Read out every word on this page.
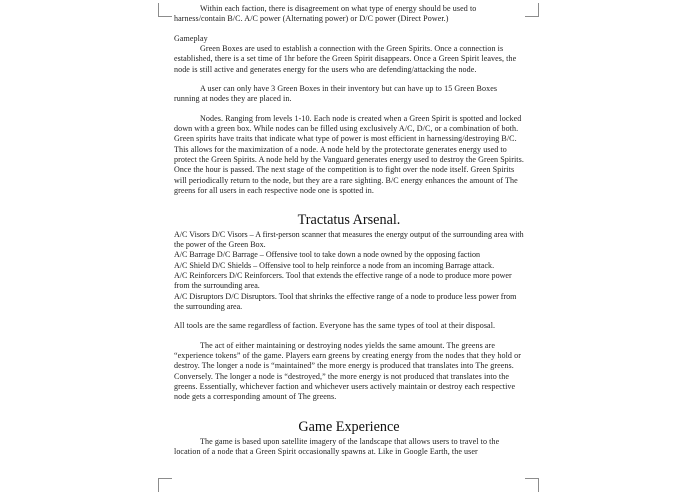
Within each faction, there is disagreement on what type of energy should be used to harness/contain B/C. A/C power (Alternating power) or D/C power (Direct Power.)

Gameplay

Green Boxes are used to establish a connection with the Green Spirits. Once a connection is established, there is a set time of 1hr before the Green Spirit disappears. Once a Green Spirit leaves, the node is still active and generates energy for the users who are defending/attacking the node.

A user can only have 3 Green Boxes in their inventory but can have up to 15 Green Boxes running at nodes they are placed in.

Nodes. Ranging from levels 1-10. Each node is created when a Green Spirit is spotted and locked down with a green box. While nodes can be filled using exclusively A/C, D/C, or a combination of both. Green spirits have traits that indicate what type of power is most efficient in harnessing/destroying B/C. This allows for the maximization of a node. A node held by the protectorate generates energy used to protect the Green Spirits. A node held by the Vanguard generates energy used to destroy the Green Spirits. Once the hour is passed. The next stage of the competition is to fight over the node itself. Green Spirits will periodically return to the node, but they are a rare sighting. B/C energy enhances the amount of The greens for all users in each respective node one is spotted in.

Tractatus Arsenal.

A/C Visors D/C Visors – A first-person scanner that measures the energy output of the surrounding area with the power of the Green Box.

A/C Barrage D/C Barrage – Offensive tool to take down a node owned by the opposing faction

A/C Shield D/C Shields – Offensive tool to help reinforce a node from an incoming Barrage attack.

A/C Reinforcers D/C Reinforcers. Tool that extends the effective range of a node to produce more power from the surrounding area.

A/C Disruptors D/C Disruptors. Tool that shrinks the effective range of a node to produce less power from the surrounding area.

All tools are the same regardless of faction. Everyone has the same types of tool at their disposal.

The act of either maintaining or destroying nodes yields the same amount. The greens are “experience tokens” of the game. Players earn greens by creating energy from the nodes that they hold or destroy. The longer a node is “maintained” the more energy is produced that translates into The greens. Conversely. The longer a node is “destroyed,” the more energy is not produced that translates into the greens. Essentially, whichever faction and whichever users actively maintain or destroy each respective node gets a corresponding amount of The greens.

Game Experience

The game is based upon satellite imagery of the landscape that allows users to travel to the location of a node that a Green Spirit occasionally spawns at. Like in Google Earth, the user
